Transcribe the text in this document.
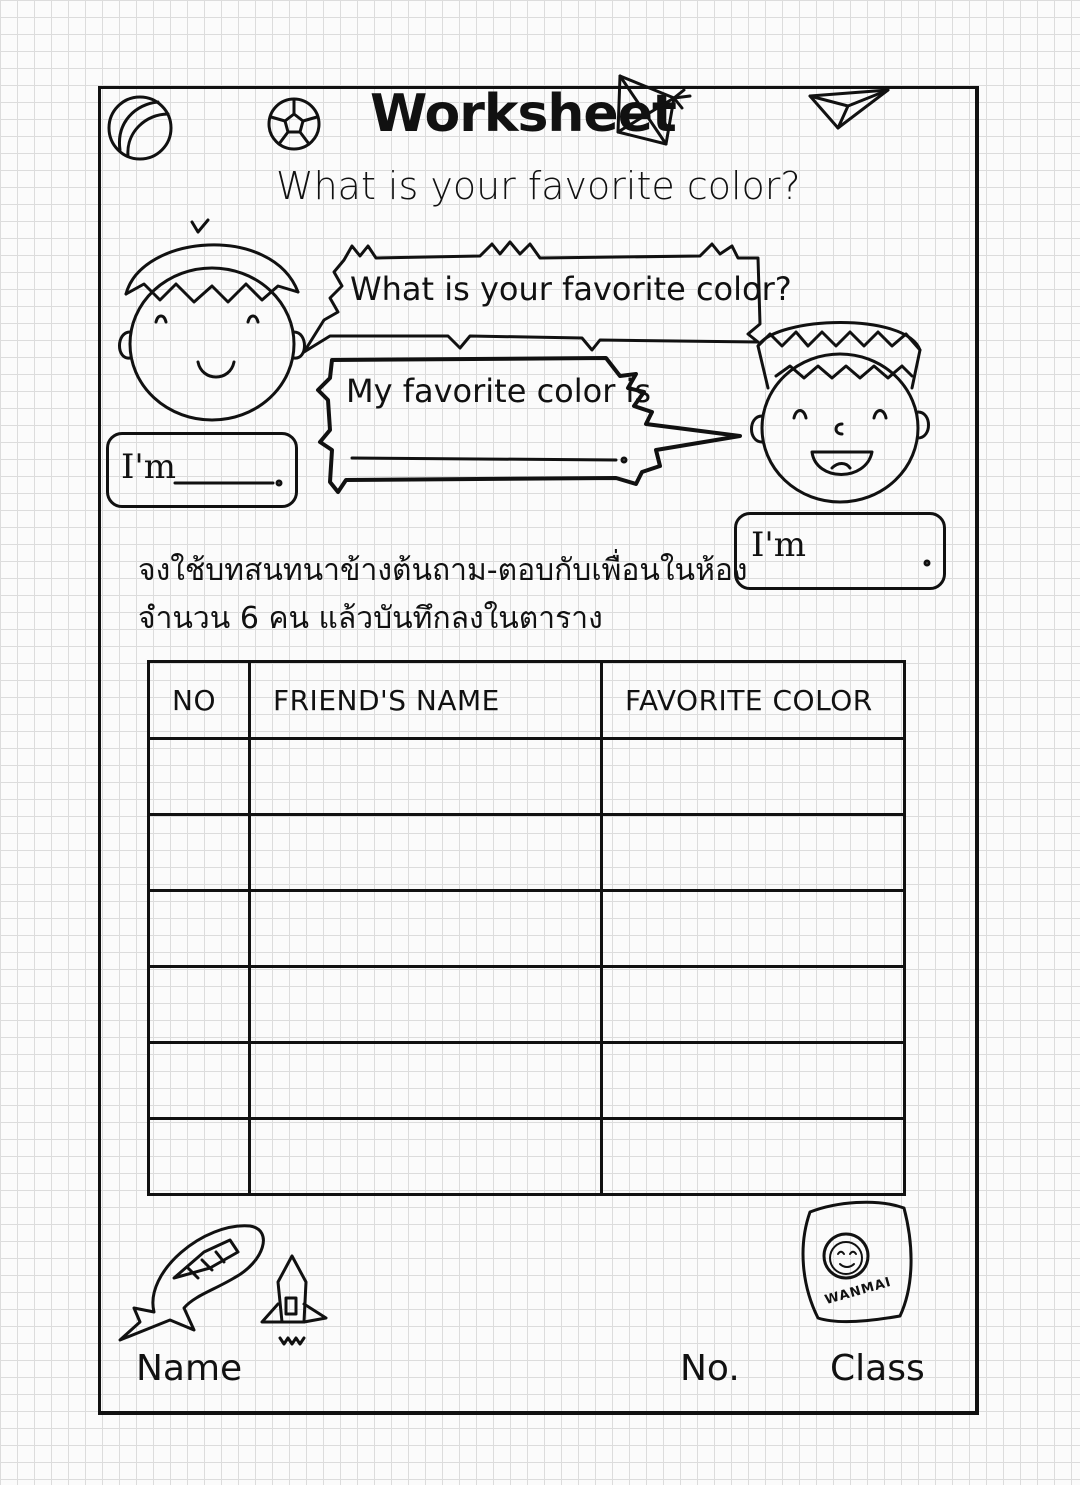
Worksheet
What is your favorite color?
I'm
What is your favorite color?
My favorite color is
I'm
จงใช้บทสนทนาข้างต้นถาม-ตอบกับเพื่อนในห้อง
จำนวน 6 คน แล้วบันทึกลงในตาราง
NO	FRIEND'S NAME	FAVORITE COLOR

WANMAI
Name	No.	Class
